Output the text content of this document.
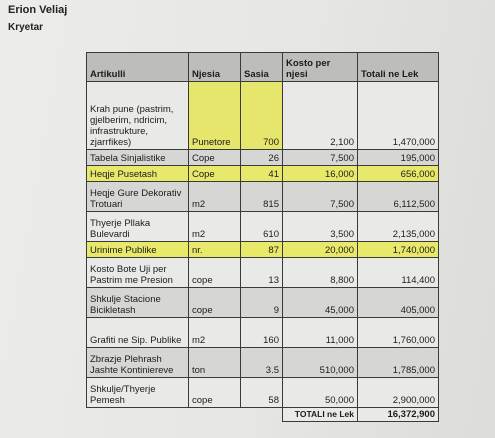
Erion Veliaj
Kryetar
Artikulli	Njesia	Sasia	Kosto per njesi	Totali ne Lek
Krah pune (pastrim, gjelberim, ndricim, infrastrukture, zjarrfikes)	Punetore	700	2,100	1,470,000
Tabela Sinjalistike	Cope	26	7,500	195,000
Heqje Pusetash	Cope	41	16,000	656,000
Heqje Gure Dekorativ Trotuari	m2	815	7,500	6,112,500
Thyerje Pllaka Bulevardi	m2	610	3,500	2,135,000
Urinime Publike	nr.	87	20,000	1,740,000
Kosto Bote Uji per Pastrim me Presion	cope	13	8,800	114,400
Shkulje Stacione Bicikletash	cope	9	45,000	405,000
Grafiti ne Sip. Publike	m2	160	11,000	1,760,000
Zbrazje Plehrash Jashte Kontiniereve	ton	3.5	510,000	1,785,000
Shkulje/Thyerje Pemesh	cope	58	50,000	2,900,000
			TOTALI ne Lek	16,372,900
